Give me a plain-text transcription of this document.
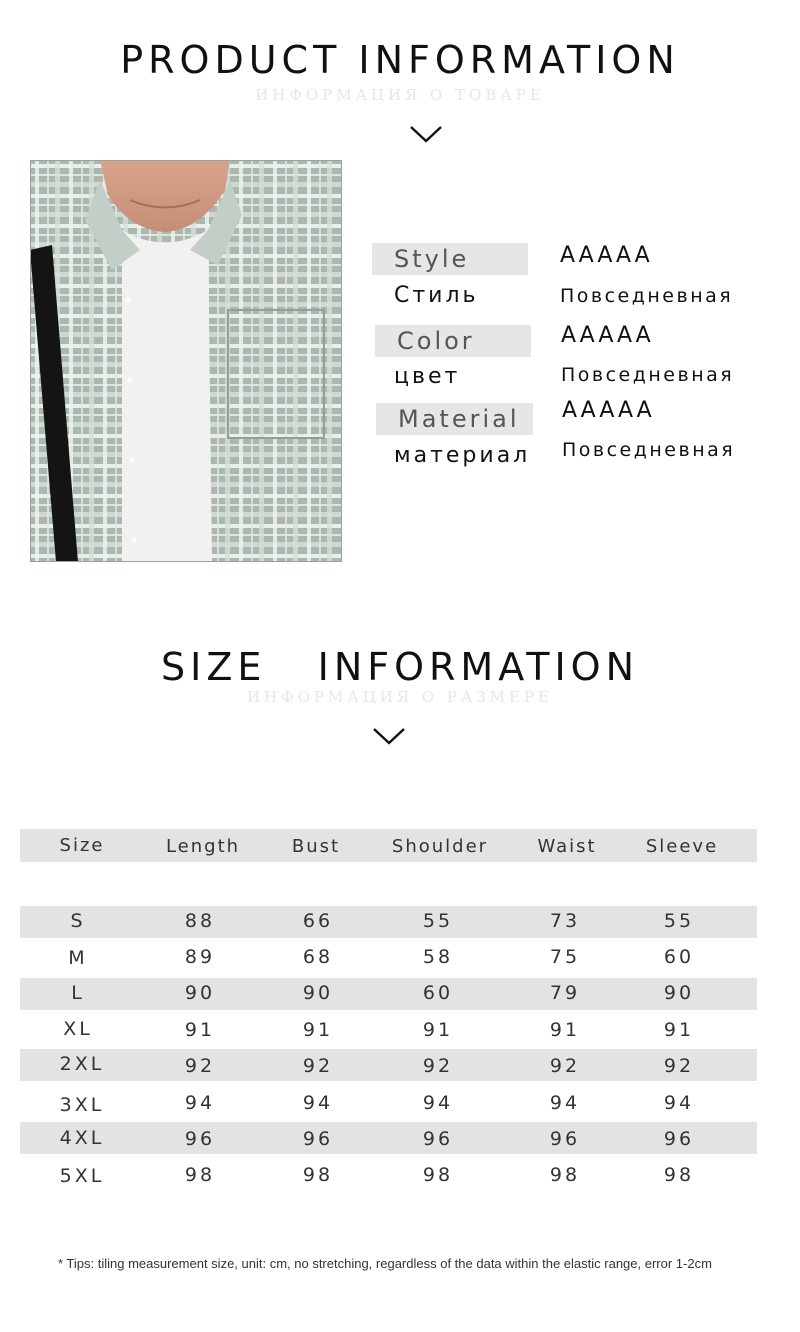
PRODUCT INFORMATION
ИНФОРМАЦИЯ О ТОВАРЕ
Style
Стиль
AAAAA
Повседневная
Color
цвет
AAAAA
Повседневная
Material
материал
AAAAA
Повседневная
SIZE   INFORMATION
ИНФОРМАЦИЯ О РАЗМЕРЕ
Size	Length	Bust	Shoulder	Waist	Sleeve
S	88	66	55	73	55
M	89	68	58	75	60
L	90	90	60	79	90
XL	91	91	91	91	91
2XL	92	92	92	92	92
3XL	94	94	94	94	94
4XL	96	96	96	96	96
5XL	98	98	98	98	98
* Tips: tiling measurement size, unit: cm, no stretching, regardless of the data within the elastic range, error 1-2cm
